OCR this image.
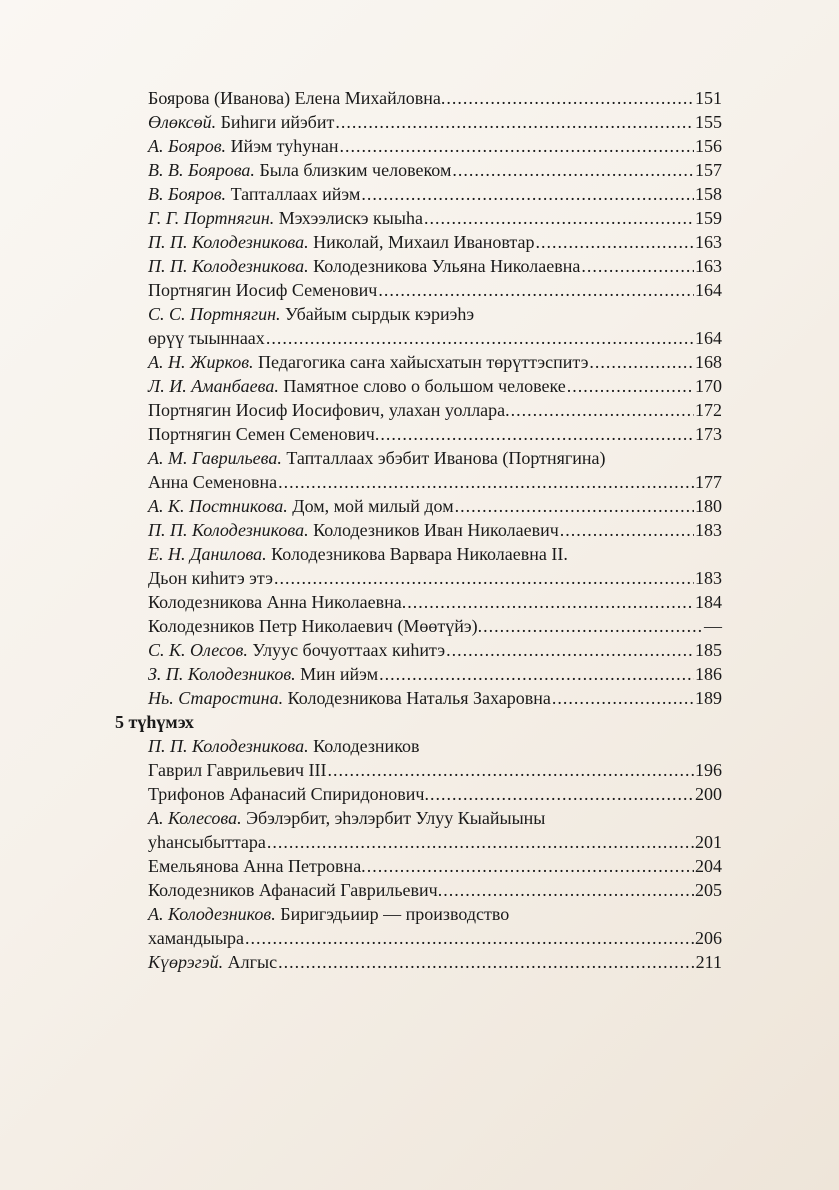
Боярова (Иванова) Елена Михайловна. .....	151
Өлөксөй. Биһиги ийэбит .....	155
А. Бояров. Ийэм туһунан .....	156
В. В. Боярова. Была близким человеком .....	157
В. Бояров. Тапталлаах ийэм .....	158
Г. Г. Портнягин. Мэхээлискэ кыыһа .....	159
П. П. Колодезникова. Николай, Михаил Ивановтар .....	163
П. П. Колодезникова. Колодезникова Ульяна Николаевна .....	163
Портнягин Иосиф Семенович .....	164
С. С. Портнягин. Убайым сырдык кэриэһэ
өрүү тыыннаах .....	164
А. Н. Жирков. Педагогика саҥа хайысхатын төрүттэспитэ .....	168
Л. И. Аманбаева. Памятное слово о большом человеке .....	170
Портнягин Иосиф Иосифович, улахан уоллара. .....	172
Портнягин Семен Семенович. .....	173
А. М. Гаврильева. Тапталлаах эбэбит Иванова (Портнягина)
Анна Семеновна .....	177
А. К. Постникова. Дом, мой милый дом .....	180
П. П. Колодезникова. Колодезников Иван Николаевич .....	183
Е. Н. Данилова. Колодезникова Варвара Николаевна II.
Дьон киһитэ этэ .....	183
Колодезникова Анна Николаевна. .....	184
Колодезников Петр Николаевич (Мөөтүйэ). .....	—
С. К. Олесов. Улуус бочуоттаах киһитэ .....	185
З. П. Колодезников. Мин ийэм .....	186
Нь. Старостина. Колодезникова Наталья Захаровна .....	189
5 түһүмэх
П. П. Колодезникова. Колодезников
Гаврил Гаврильевич III .....	196
Трифонов Афанасий Спиридонович. .....	200
А. Колесова. Эбэлэрбит, эһэлэрбит Улуу Кыайыыны
уһансыбыттара .....	201
Емельянова Анна Петровна. .....	204
Колодезников Афанасий Гаврильевич. .....	205
А. Колодезников. Биригэдьиир — производство
хамандыыра .....	206
Күөрэгэй. Алгыс .....	211
